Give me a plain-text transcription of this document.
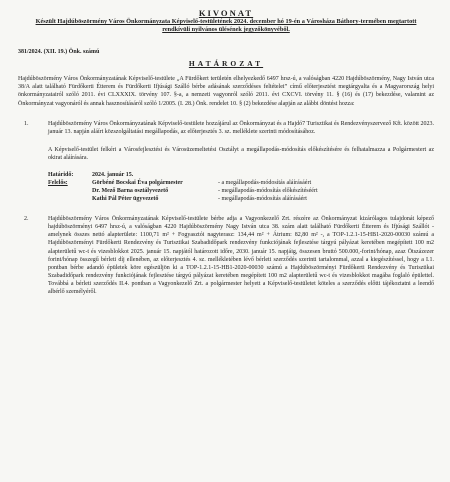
KIVONAT
Készült Hajdúböszörmény Város Önkormányzata Képviselő-testületének 2024. december hó 19-én a Városháza Báthory-termében megtartott rendkívüli nyilvános ülésének jegyzőkönyvéből.
381/2024. (XII. 19.) Önk. számú
HATÁROZAT
Hajdúböszörmény Város Önkormányzatának Képviselő-testülete „A Fürdőkert területén elhelyezkedő 6497 hrsz-ú, a valóságban 4220 Hajdúböszörmény, Nagy István utca 38/A alatt található Fürdőkerti Étterem és Fürdőkerti Ifjúsági Szálló bérbe adásának szerződéses feltételei” című előterjesztést megtárgyalta és a Magyarország helyi önkormányzatairól szóló 2011. évi CLXXXIX. törvény 107. §-a, a nemzeti vagyonról szóló 2011. évi CXCVI. törvény 11. § (16) és (17) bekezdése, valamint az Önkormányzat vagyonáról és annak hasznosításáról szóló 1/2005. (I. 28.) Önk. rendelet 10. § (2) bekezdése alapján az alábbi döntést hozza:
1.	Hajdúböszörmény Város Önkormányzatának Képviselő-testülete hozzájárul az Önkormányzat és a Hajdó7 Turisztikai és Rendezvényszervező Kft. között 2023. január 13. napján aláírt közszolgáltatási megállapodás, az előterjesztés 3. sz. melléklete szerinti módosításához.
A Képviselő-testület felkéri a Városfejlesztési és Városüzemeltetési Osztályt a megállapodás-módosítás előkészítésére és felhatalmazza a Polgármestert az okirat aláírására.
Határidő:	2024. január 15.
Felelős:	Görbéné Bocskai Éva polgármester	- a megállapodás-módosítás aláírásáért
Dr. Mező Barna osztályvezető	- megállapodás-módosítás előkészítéséért
Kathi Pál Péter ügyvezető	- megállapodás-módosítás aláírásáért
2.	Hajdúböszörmény Város Önkormányzatának Képviselő-testülete bérbe adja a Vagyonkezelő Zrt. részére az Önkormányzat kizárólagos tulajdonát képező hajdúböszörményi 6497 hrsz-ú, a valóságban 4220 Hajdúböszörmény Nagy István utca 38. szám alatt található Fürdőkerti Étterem és Ifjúsági Szállót - amelynek összes nettó alapterülete: 1100,71 m² + Fogyasztói nagyterasz: 134,44 m² + Átrium: 82,80 m² -, a TOP-1.2.1-15-HB1-2020-00030 számú a Hajdúböszörményi Fürdőkerti Rendezvény és Turisztikai Szabadidőpark rendezvény funkciójának fejlesztése tárgyú pályázat keretében megépített 100 m2 alapterületű wc-t és vizesblokkot 2025. január 15. napjától határozott időre, 2030. január 15. napjáig, összesen bruttó 500.000,-forint/hónap, azaz Ötszázezer forint/hónap összegű bérleti díj ellenében, az előterjesztés 4. sz. mellékletében lévő bérleti szerződés szerinti tartalommal, azzal a kiegészítéssel, hogy a I.1. pontban bérbe adandó épületek köre egészüljön ki a TOP-1.2.1-15-HB1-2020-00030 számú a Hajdúböszörményi Fürdőkerti Rendezvény és Turisztikai Szabadidőpark rendezvény funkciójának fejlesztése tárgyú pályázat keretében megépített 100 m2 alapterületű wc-t és vizesblokkot magába foglaló épülettel. Továbbá a bérleti szerződés II.4. pontban a Vagyonkezelő Zrt. a polgármester helyett a Képviselő-testületet köteles a szerződés előtti tájékoztatni a leendő albérlő személyéről.
